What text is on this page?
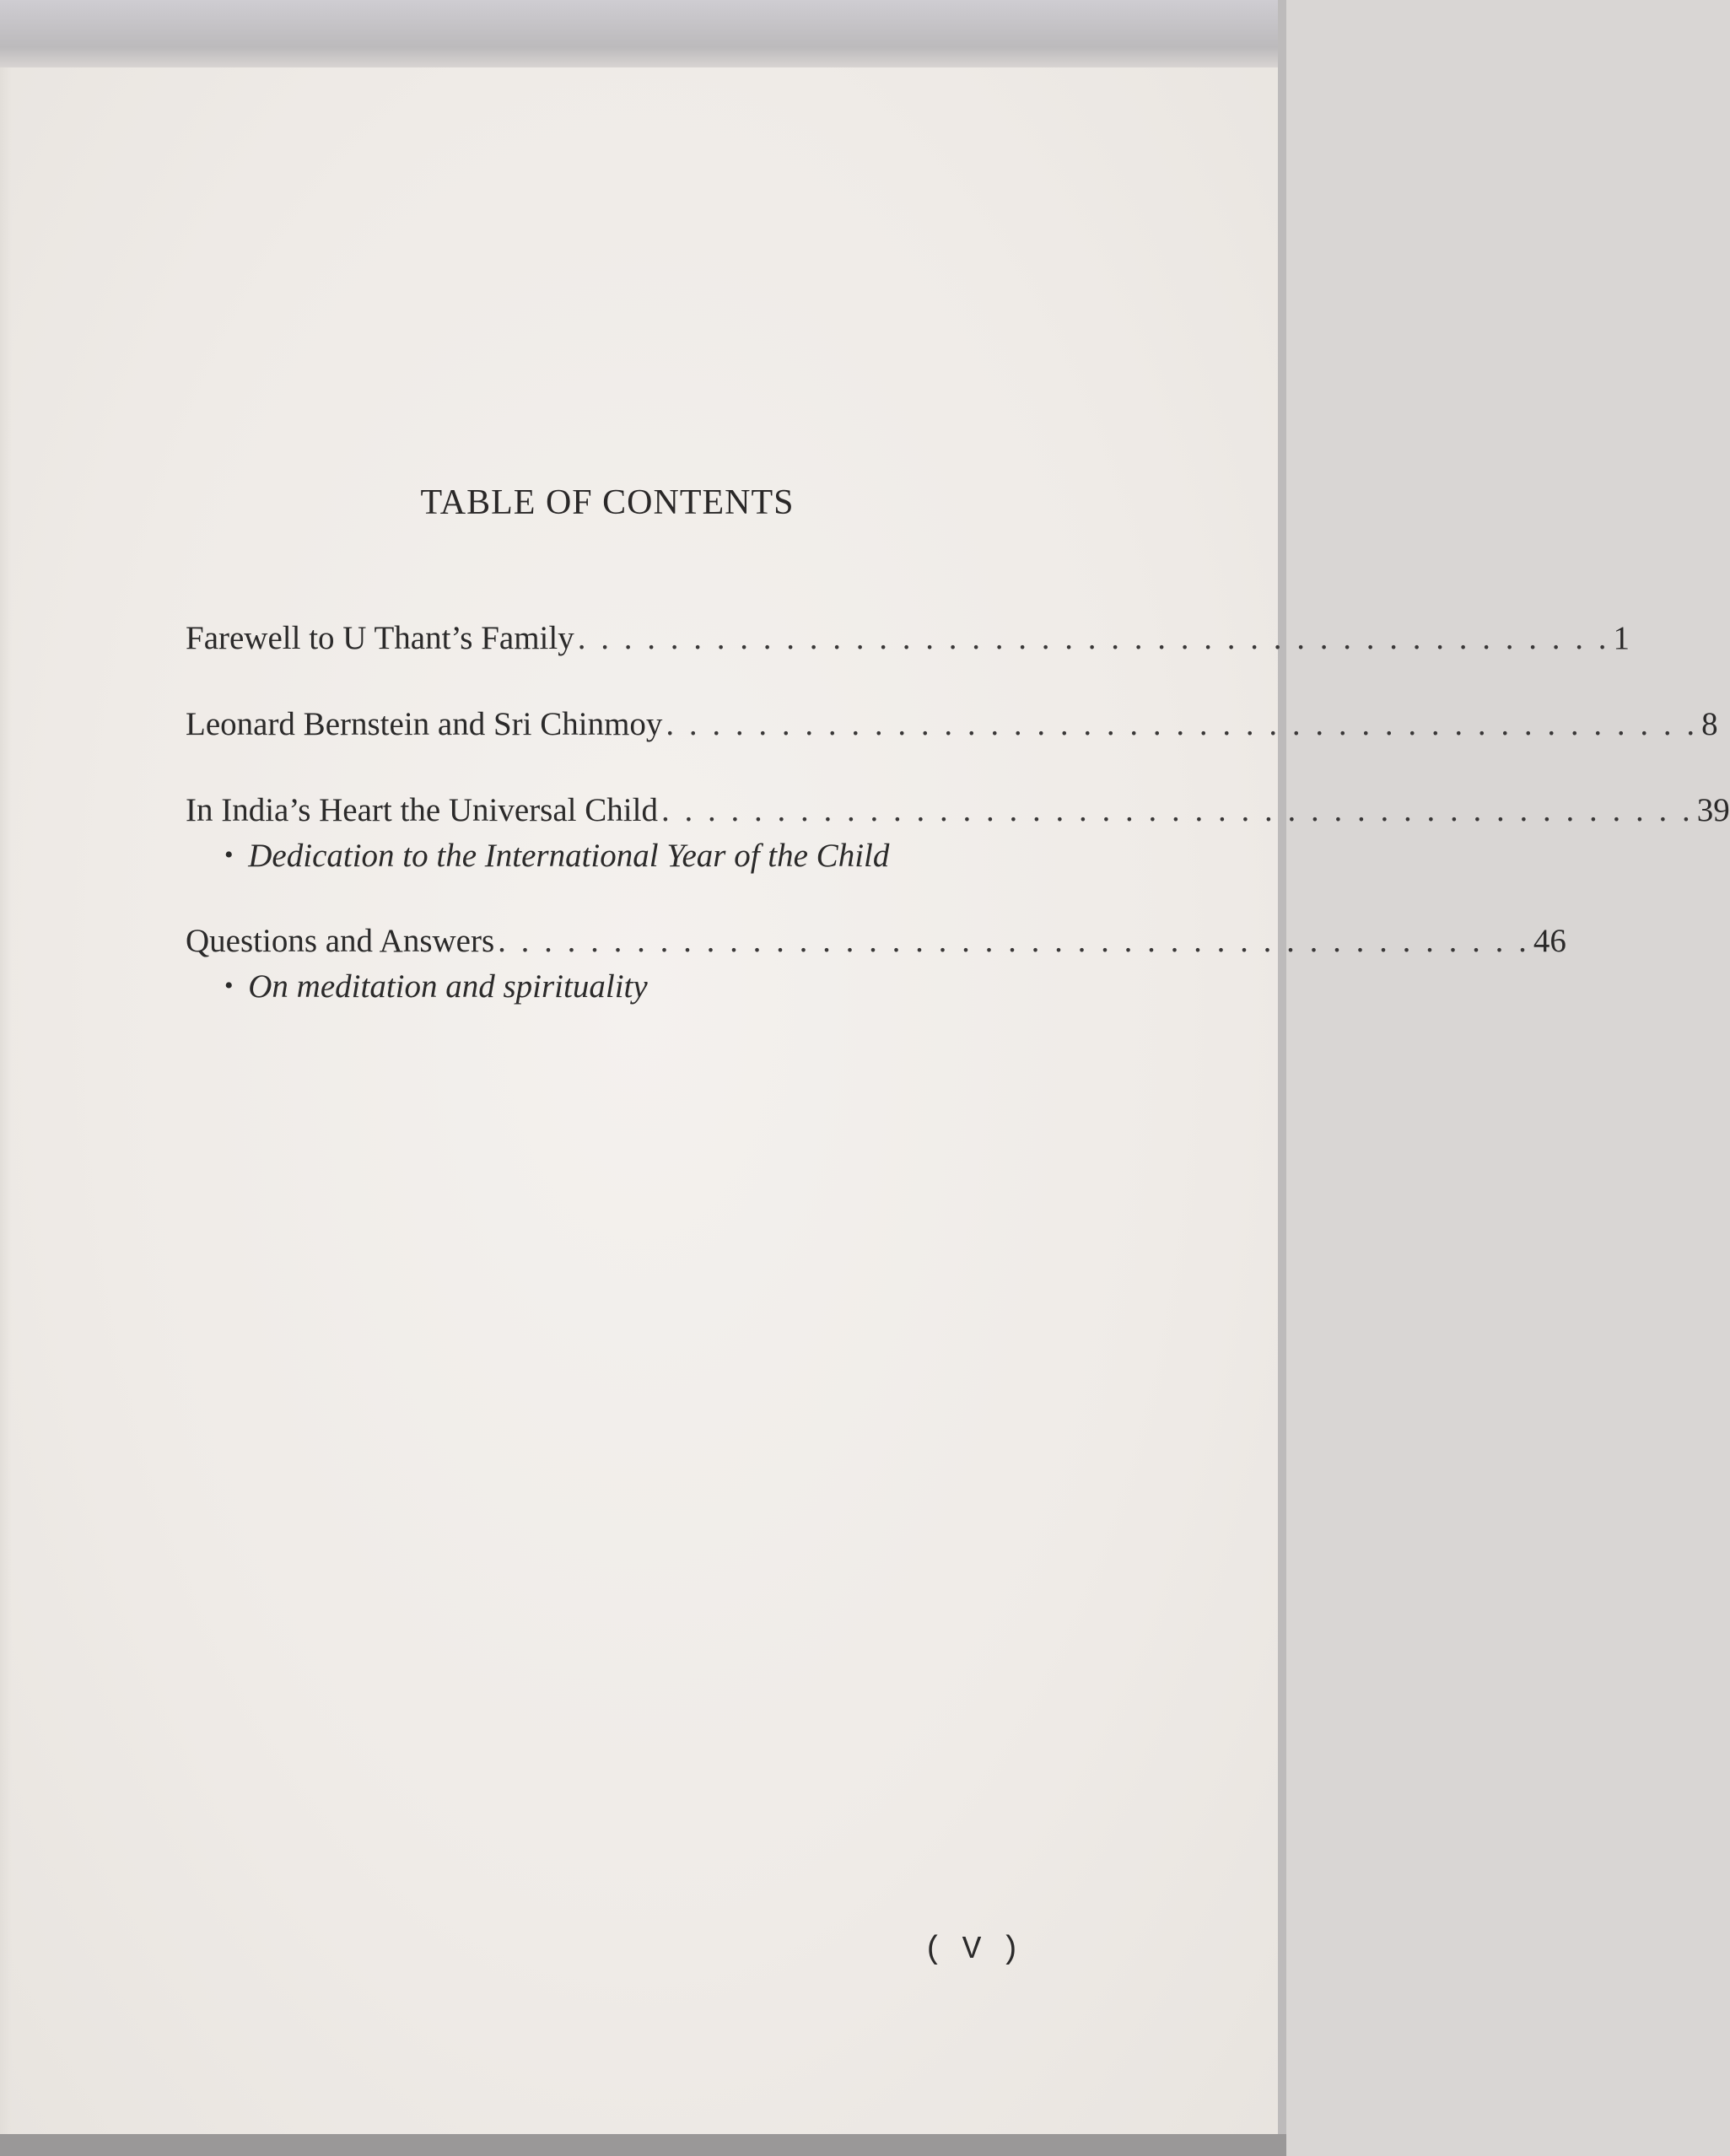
TABLE OF CONTENTS
Farewell to U Thant’s Family . . . . . . . . . . . . . . . . . . . . . . . . . . . . . . . . . . . . . . . . . . . . . 1
Leonard Bernstein and Sri Chinmoy . . . . . . . . . . . . . . . . . . . . . . . . . . . . . . . . . . . . . . . . . . . . . 8
In India’s Heart the Universal Child . . . . . . . . . . . . . . . . . . . . . . . . . . . . . . . . . . . . . . . . . . . . . 39
• Dedication to the International Year of the Child
Questions and Answers . . . . . . . . . . . . . . . . . . . . . . . . . . . . . . . . . . . . . . . . . . . . . 46
• On meditation and spirituality
( V )
